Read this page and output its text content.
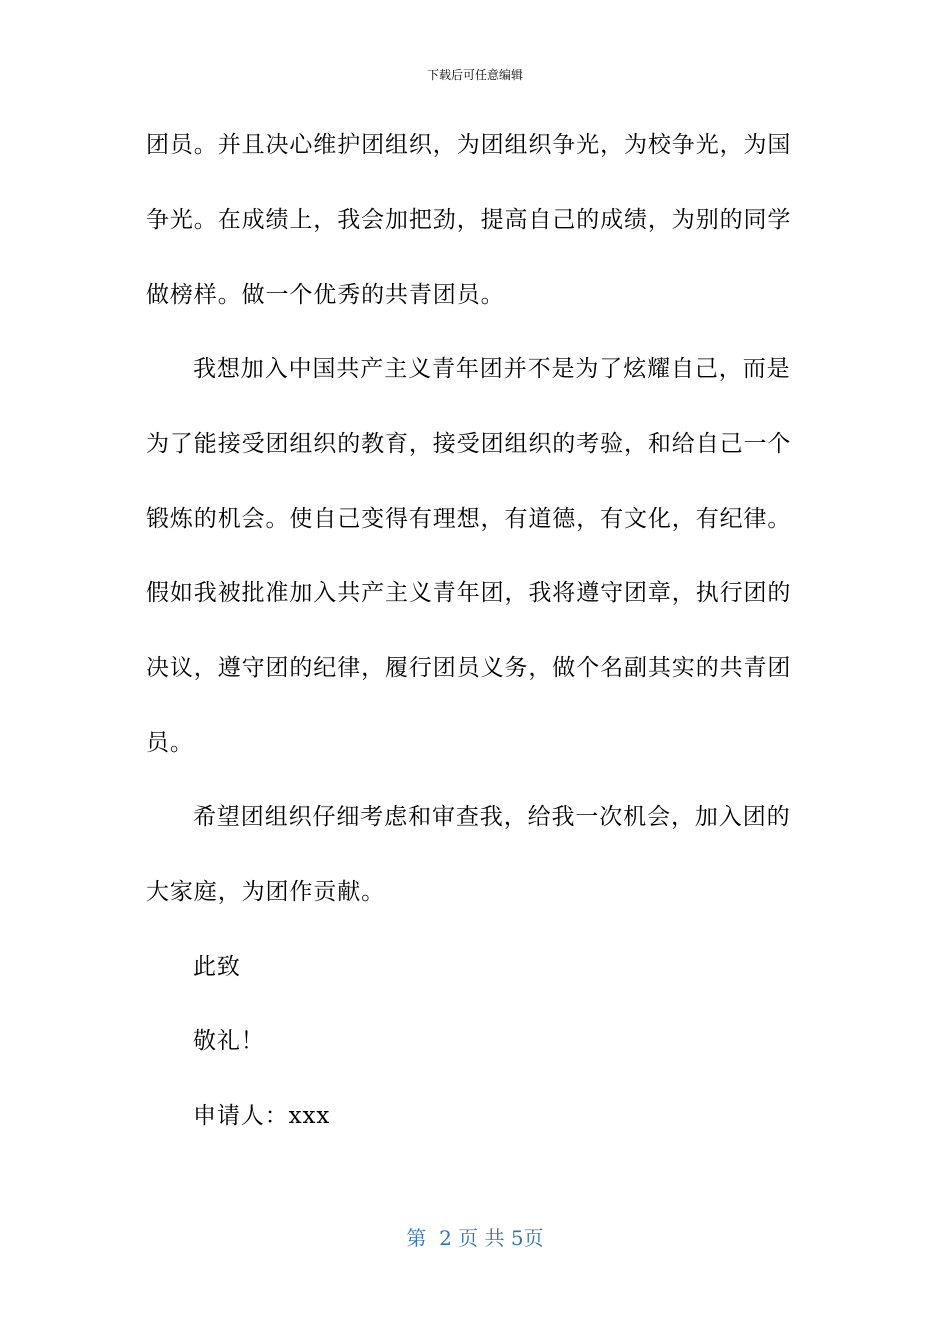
下载后可任意编辑
团员。并且决心维护团组织，为团组织争光，为校争光，为国
争光。在成绩上，我会加把劲，提高自己的成绩，为别的同学
做榜样。做一个优秀的共青团员。
我想加入中国共产主义青年团并不是为了炫耀自己，而是
为了能接受团组织的教育，接受团组织的考验，和给自己一个
锻炼的机会。使自己变得有理想，有道德，有文化，有纪律。
假如我被批准加入共产主义青年团，我将遵守团章，执行团的
决议，遵守团的纪律，履行团员义务，做个名副其实的共青团
员。
希望团组织仔细考虑和审查我，给我一次机会，加入团的
大家庭，为团作贡献。
此致
敬礼！
申请人：xxx
第  2 页 共 5页
